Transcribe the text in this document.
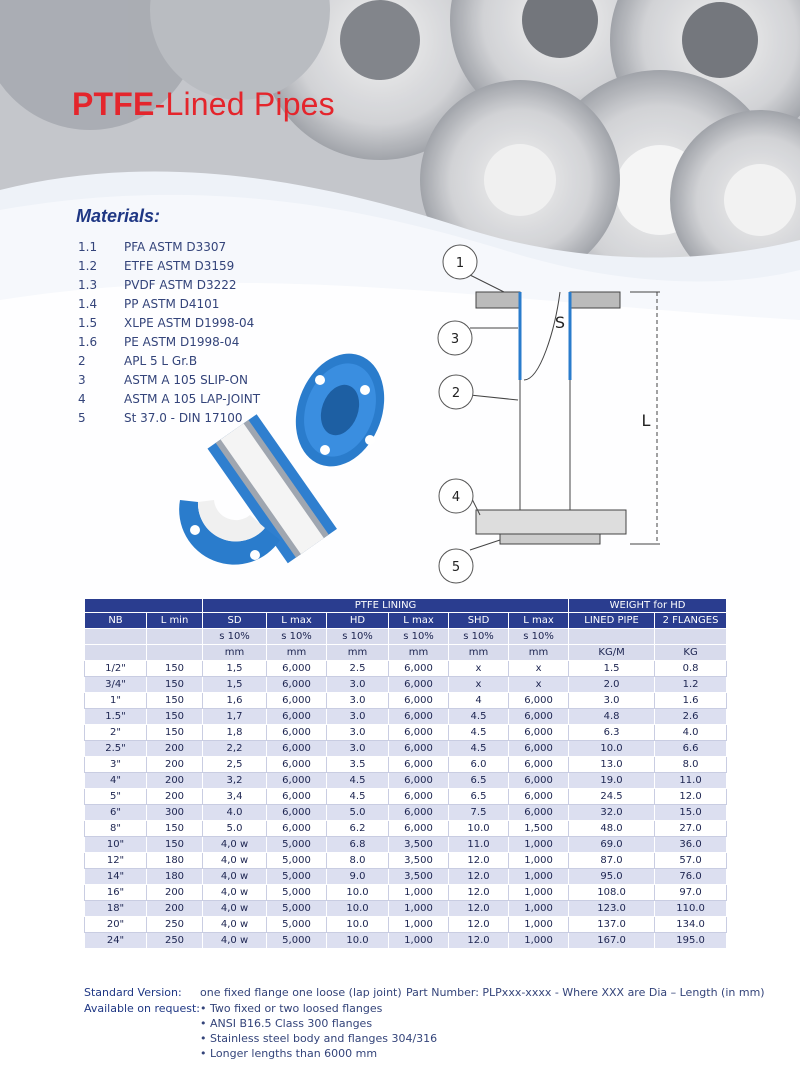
PTFE-Lined Pipes
Materials:
1.1	PFA ASTM D3307
1.2	ETFE ASTM D3159
1.3	PVDF ASTM D3222
1.4	PP ASTM D4101
1.5	XLPE ASTM D1998-04
1.6	PE ASTM D1998-04
2	APL 5 L Gr.B
3	ASTM A 105 SLIP-ON
4	ASTM A 105 LAP-JOINT
5	St 37.0 - DIN 17100
1
3
2
4
5
S
L
		PTFE LINING						WEIGHT for HD	
NB	L min	SD	L max	HD	L max	SHD	L max	LINED PIPE	2 FLANGES
		s 10%	s 10%	s 10%	s 10%	s 10%	s 10%		
		mm	mm	mm	mm	mm	mm	KG/M	KG
1/2"	150	1,5	6,000	2.5	6,000	x	x	1.5	0.8
3/4"	150	1,5	6,000	3.0	6,000	x	x	2.0	1.2
1"	150	1,6	6,000	3.0	6,000	4	6,000	3.0	1.6
1.5"	150	1,7	6,000	3.0	6,000	4.5	6,000	4.8	2.6
2"	150	1,8	6,000	3.0	6,000	4.5	6,000	6.3	4.0
2.5"	200	2,2	6,000	3.0	6,000	4.5	6,000	10.0	6.6
3"	200	2,5	6,000	3.5	6,000	6.0	6,000	13.0	8.0
4"	200	3,2	6,000	4.5	6,000	6.5	6,000	19.0	11.0
5"	200	3,4	6,000	4.5	6,000	6.5	6,000	24.5	12.0
6"	300	4.0	6,000	5.0	6,000	7.5	6,000	32.0	15.0
8"	150	5.0	6,000	6.2	6,000	10.0	1,500	48.0	27.0
10"	150	4,0 w	5,000	6.8	3,500	11.0	1,000	69.0	36.0
12"	180	4,0 w	5,000	8.0	3,500	12.0	1,000	87.0	57.0
14"	180	4,0 w	5,000	9.0	3,500	12.0	1,000	95.0	76.0
16"	200	4,0 w	5,000	10.0	1,000	12.0	1,000	108.0	97.0
18"	200	4,0 w	5,000	10.0	1,000	12.0	1,000	123.0	110.0
20"	250	4,0 w	5,000	10.0	1,000	12.0	1,000	137.0	134.0
24"	250	4,0 w	5,000	10.0	1,000	12.0	1,000	167.0	195.0
Standard Version: one fixed flange one loose (lap joint) Part Number: PLPxxx-xxxx - Where XXX are Dia – Length (in mm)
Available on request: • Two fixed or two loosed flanges
• ANSI B16.5 Class 300 flanges
• Stainless steel body and flanges 304/316
• Longer lengths than 6000 mm
